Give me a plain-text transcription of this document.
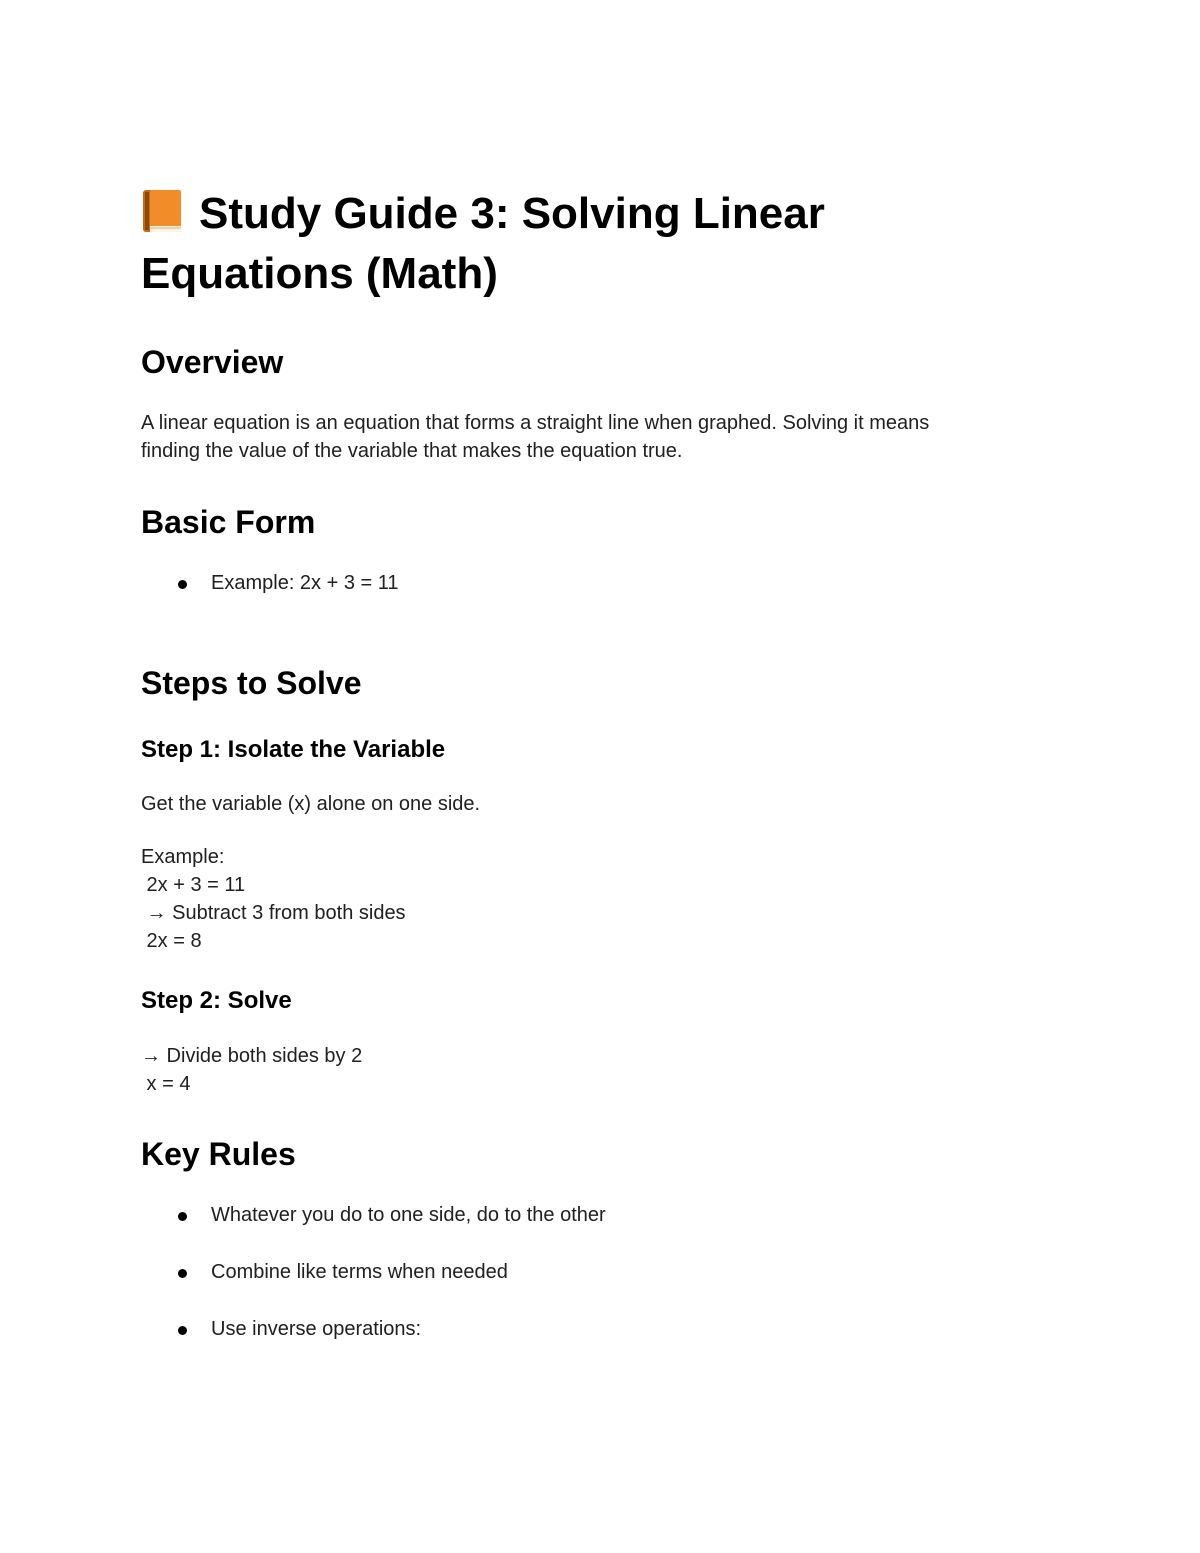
Study Guide 3: Solving Linear
Equations (Math)
Overview

A linear equation is an equation that forms a straight line when graphed. Solving it means

finding the value of the variable that makes the equation true.

Basic Form
Example: 2x + 3 = 11
Steps to Solve
Step 1: Isolate the Variable

Get the variable (x) alone on one side.

Example:

2x + 3 = 11

→ Subtract 3 from both sides

2x = 8

Step 2: Solve

→ Divide both sides by 2

x = 4

Key Rules
Whatever you do to one side, do to the other
Combine like terms when needed
Use inverse operations:
